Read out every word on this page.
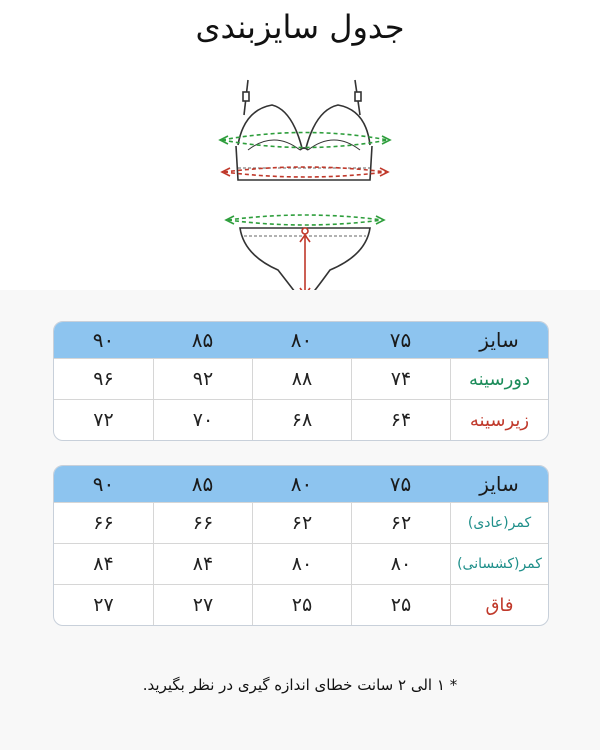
جدول سایزبندی
سایز
۷۵
۸۰
۸۵
۹۰
دورسینه
۷۴
۸۸
۹۲
۹۶
زیرسینه
۶۴
۶۸
۷۰
۷۲
سایز
۷۵
۸۰
۸۵
۹۰
کمر(عادی)
۶۲
۶۲
۶۶
۶۶
کمر(کشسانی)
۸۰
۸۰
۸۴
۸۴
فاق
۲۵
۲۵
۲۷
۲۷
* ۱ الی ۲ سانت خطای اندازه گیری در نظر بگیرید.
